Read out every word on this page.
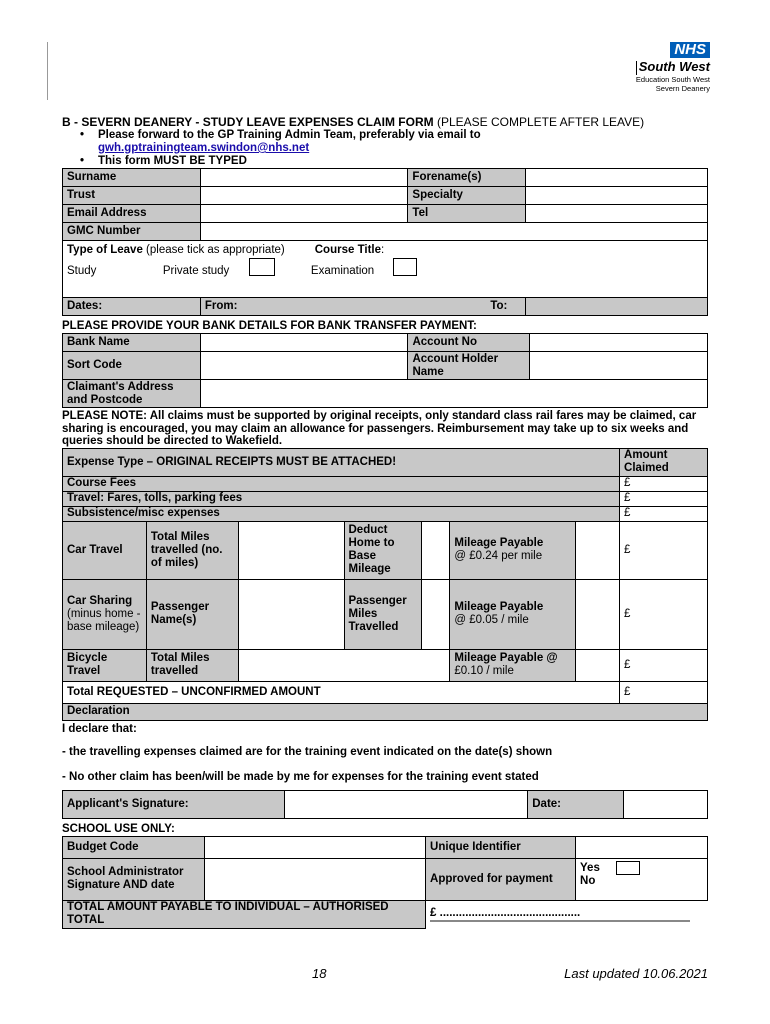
NHS
South West
Education South West
Severn Deanery
B - SEVERN DEANERY - STUDY LEAVE EXPENSES CLAIM FORM (PLEASE COMPLETE AFTER LEAVE)
• Please forward to the GP Training Admin Team, preferably via email to
gwh.gptrainingteam.swindon@nhs.net
• This form MUST BE TYPED
Surname		Forename(s)	
Trust		Specialty	
Email Address		Tel	
GMC Number			

Type of Leave (please tick as appropriate) Course Title:
Study Private study Examination			

Dates:	From:		To:
PLEASE PROVIDE YOUR BANK DETAILS FOR BANK TRANSFER PAYMENT:
Bank Name		Account No	
Sort Code		Account Holder Name	
Claimant's Address and Postcode			
PLEASE NOTE: All claims must be supported by original receipts, only standard class rail fares may be claimed, car sharing is encouraged, you may claim an allowance for passengers. Reimbursement may take up to six weeks and queries should be directed to Wakefield.
Expense Type – ORIGINAL RECEIPTS MUST BE ATTACHED!							Amount Claimed
Course Fees							£
Travel: Fares, tolls, parking fees							£
Subsistence/misc expenses							£
Car Travel	Total Miles travelled (no. of miles)		Deduct Home to Base Mileage		Mileage Payable
@ £0.24 per mile		£
Car Sharing
(minus home - base mileage)	Passenger Name(s)		Passenger Miles Travelled		Mileage Payable
@ £0.05 / mile		£
Bicycle Travel	Total Miles travelled				Mileage Payable @
£0.10 / mile		£
Total REQUESTED – UNCONFIRMED AMOUNT							£
Declaration							
I declare that:
- the travelling expenses claimed are for the training event indicated on the date(s) shown
- No other claim has been/will be made by me for expenses for the training event stated
Applicant's Signature:		Date:	
SCHOOL USE ONLY:
Budget Code		Unique Identifier	
School Administrator Signature AND date		Approved for payment	Yes
No

TOTAL AMOUNT PAYABLE TO INDIVIDUAL – AUTHORISED TOTAL		£ ............................................	
18	Last updated 10.06.2021
